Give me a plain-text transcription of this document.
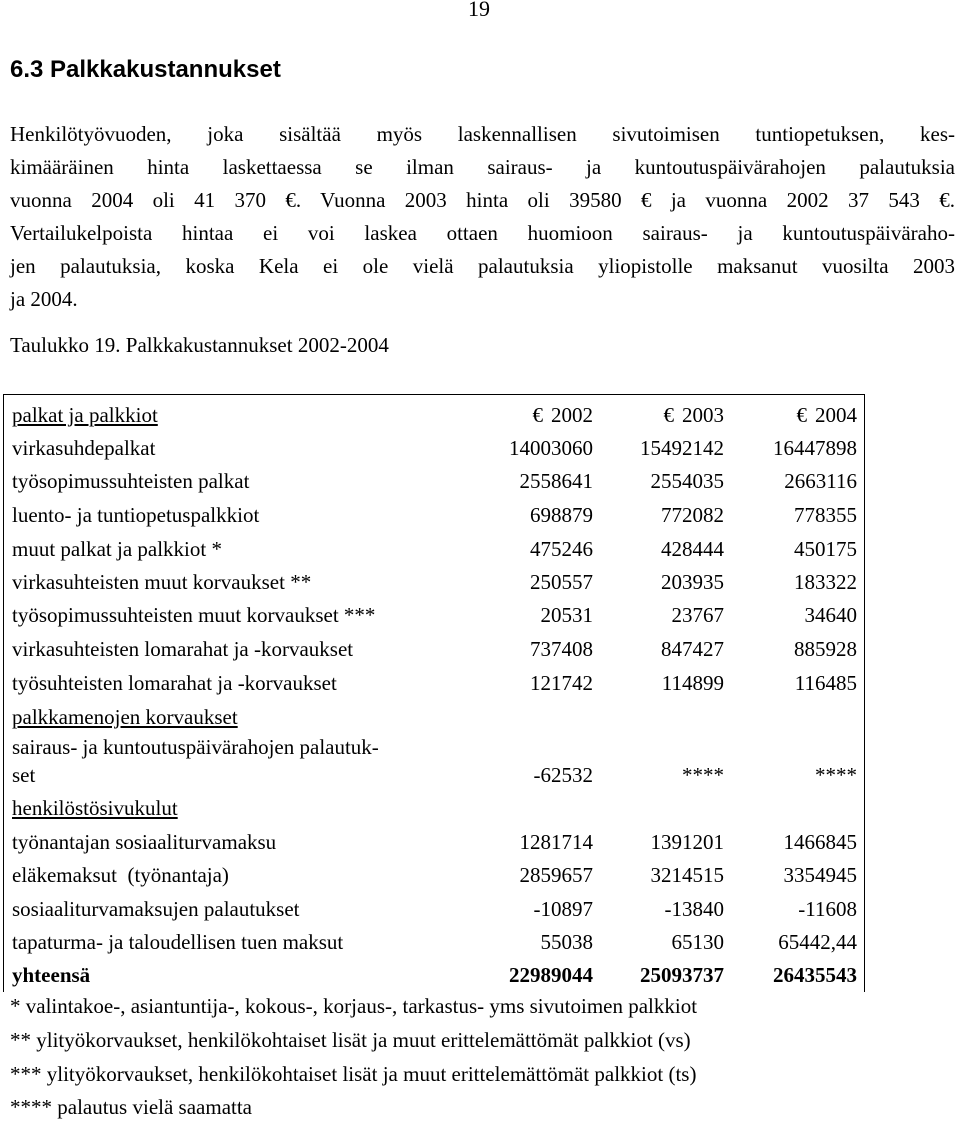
19
6.3 Palkkakustannukset
Henkilötyövuoden, joka sisältää myös laskennallisen sivutoimisen tuntiopetuksen, kes-
kimääräinen hinta laskettaessa se ilman sairaus- ja kuntoutuspäivärahojen palautuksia
vuonna 2004 oli 41 370 €. Vuonna 2003 hinta oli 39580 € ja vuonna 2002 37 543 €.
Vertailukelpoista hintaa ei voi laskea ottaen huomioon sairaus- ja kuntoutuspäivärahо-
jen palautuksia, koska Kela ei ole vielä palautuksia yliopistolle maksanut vuosilta 2003
ja 2004.
Taulukko 19. Palkkakustannukset 2002-2004
palkat ja palkkiot	€ 2002	€ 2003	€ 2004
virkasuhdepalkat	14003060 15492142 16447898
työsopimussuhteisten palkat	2558641	2554035	2663116
luento- ja tuntiopetuspalkkiot	698879	772082	778355
muut palkat ja palkkiot *	475246	428444	450175
virkasuhteisten muut korvaukset **	250557	203935	183322
työsopimussuhteisten muut korvaukset ***	20531	23767	34640
virkasuhteisten lomarahat ja -korvaukset	737408	847427	885928
työsuhteisten lomarahat ja -korvaukset	121742	114899	116485
palkkamenojen korvaukset
sairaus- ja kuntoutuspäivärahojen palautuk-
set	-62532	****	****
henkilöstösivukulut
työnantajan sosiaaliturvamaksu	1281714	1391201	1466845
eläkemaksut  (työnantaja)	2859657	3214515	3354945
sosiaaliturvamaksujen palautukset	-10897	-13840	-11608
tapaturma- ja taloudellisen tuen maksut	55038	65130	65442,44
yhteensä	22989044 25093737 26435543
* valintakoe-, asiantuntija-, kokous-, korjaus-, tarkastus- yms sivutoimen palkkiot
** ylityökorvaukset, henkilökohtaiset lisät ja muut erittelemättömät palkkiot (vs)
*** ylityökorvaukset, henkilökohtaiset lisät ja muut erittelemättömät palkkiot (ts)
**** palautus vielä saamatta
